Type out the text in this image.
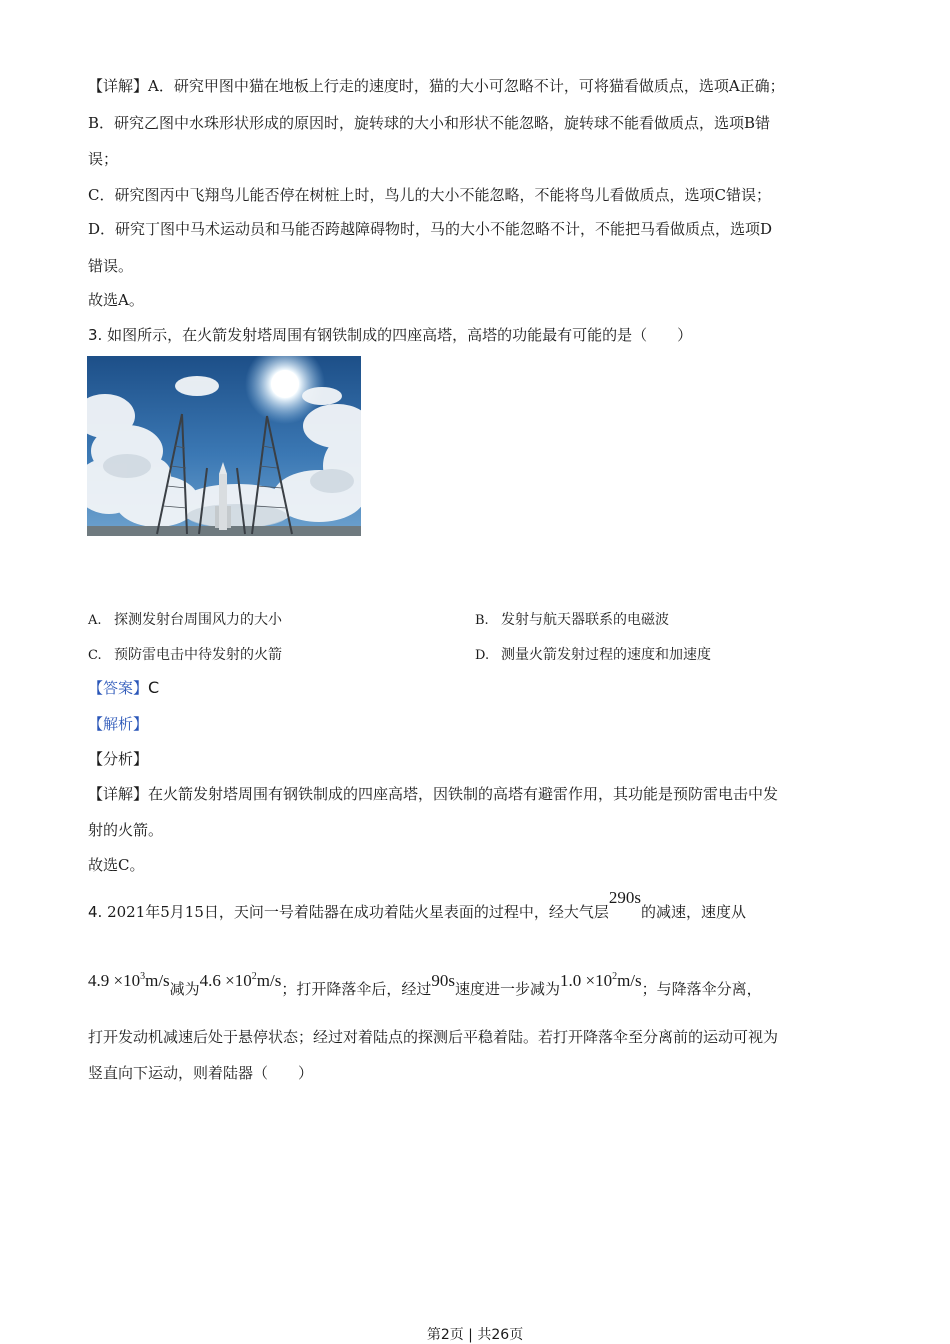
【详解】A．研究甲图中猫在地板上行走的速度时，猫的大小可忽略不计，可将猫看做质点，选项A正确；
B．研究乙图中水珠形状形成的原因时，旋转球的大小和形状不能忽略，旋转球不能看做质点，选项B错
误；
C．研究图丙中飞翔鸟儿能否停在树桩上时，鸟儿的大小不能忽略，不能将鸟儿看做质点，选项C错误；
D．研究丁图中马术运动员和马能否跨越障碍物时，马的大小不能忽略不计，不能把马看做质点，选项D
错误。
故选A。
3. 如图所示，在火箭发射塔周围有钢铁制成的四座高塔，高塔的功能最有可能的是（　　）
A. 探测发射台周围风力的大小	B. 发射与航天器联系的电磁波
C. 预防雷电击中待发射的火箭	D. 测量火箭发射过程的速度和加速度
【答案】C
【解析】
【分析】
【详解】在火箭发射塔周围有钢铁制成的四座高塔，因铁制的高塔有避雷作用，其功能是预防雷电击中发
射的火箭。
故选C。
4. 2021年5月15日，天问一号着陆器在成功着陆火星表面的过程中，经大气层290s的减速，速度从
$4.9 \times 10^3m/s$减为$4.6 \times 10^2m/s$；打开降落伞后，经过90s速度进一步减为$1.0 \times 10^2m/s$；与降落伞分离，
打开发动机减速后处于悬停状态；经过对着陆点的探测后平稳着陆。若打开降落伞至分离前的运动可视为
竖直向下运动，则着陆器（　　）
第2页 | 共26页
